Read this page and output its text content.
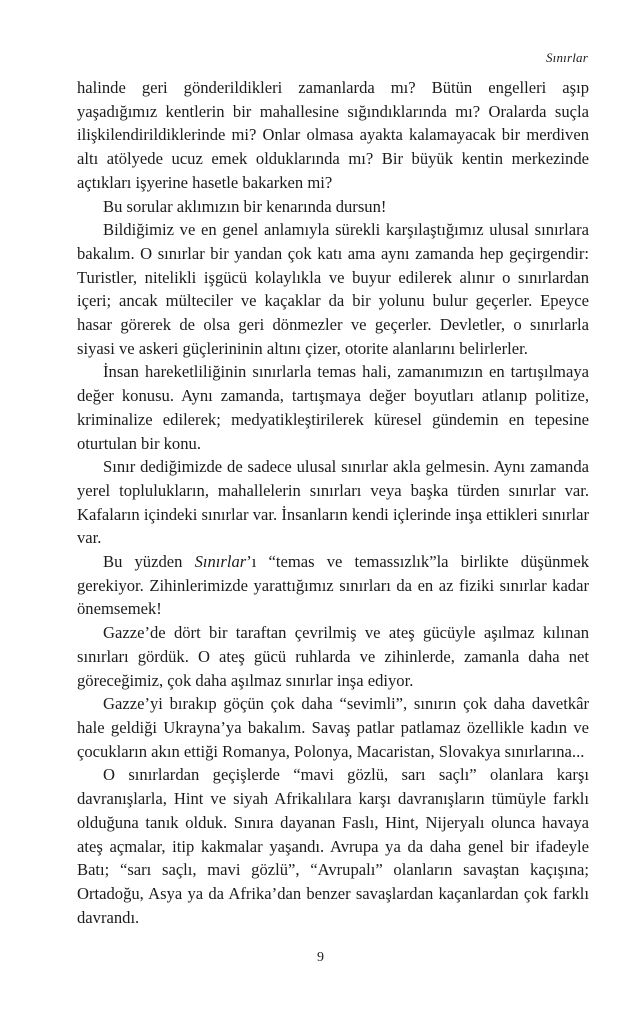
Sınırlar

halinde geri gönderildikleri zamanlarda mı? Bütün engelleri aşıp yaşadığımız kentlerin bir mahallesine sığındıklarında mı? Oralarda suçla ilişkilendirildiklerinde mi? Onlar olmasa ayakta kalamayacak bir merdiven altı atölyede ucuz emek olduklarında mı? Bir büyük kentin merkezinde açtıkları işyerine hasetle bakarken mi?

Bu sorular aklımızın bir kenarında dursun!

Bildiğimiz ve en genel anlamıyla sürekli karşılaştığımız ulusal sınırlara bakalım. O sınırlar bir yandan çok katı ama aynı zamanda hep geçirgendir: Turistler, nitelikli işgücü kolaylıkla ve buyur edilerek alınır o sınırlardan içeri; ancak mülteciler ve kaçaklar da bir yolunu bulur geçerler. Epeyce hasar görerek de olsa geri dönmezler ve geçerler. Devletler, o sınırlarla siyasi ve askeri güçlerininin altını çizer, otorite alanlarını belirlerler.

İnsan hareketliliğinin sınırlarla temas hali, zamanımızın en tartışılmaya değer konusu. Aynı zamanda, tartışmaya değer boyutları atlanıp politize, kriminalize edilerek; medyatikleştirilerek küresel gündemin en tepesine oturtulan bir konu.

Sınır dediğimizde de sadece ulusal sınırlar akla gelmesin. Aynı zamanda yerel toplulukların, mahallelerin sınırları veya başka türden sınırlar var. Kafaların içindeki sınırlar var. İnsanların kendi içlerinde inşa ettikleri sınırlar var.

Bu yüzden Sınırlar’ı “temas ve temassızlık”la birlikte düşünmek gerekiyor. Zihinlerimizde yarattığımız sınırları da en az fiziki sınırlar kadar önemsemek!

Gazze’de dört bir taraftan çevrilmiş ve ateş gücüyle aşılmaz kılınan sınırları gördük. O ateş gücü ruhlarda ve zihinlerde, zamanla daha net göreceğimiz, çok daha aşılmaz sınırlar inşa ediyor.

Gazze’yi bırakıp göçün çok daha “sevimli”, sınırın çok daha davetkâr hale geldiği Ukrayna’ya bakalım. Savaş patlar patlamaz özellikle kadın ve çocukların akın ettiği Romanya, Polonya, Macaristan, Slovakya sınırlarına...

O sınırlardan geçişlerde “mavi gözlü, sarı saçlı” olanlara karşı davranışlarla, Hint ve siyah Afrikalılara karşı davranışların tümüyle farklı olduğuna tanık olduk. Sınıra dayanan Faslı, Hint, Nijeryalı olunca havaya ateş açmalar, itip kakmalar yaşandı. Avrupa ya da daha genel bir ifadeyle Batı; “sarı saçlı, mavi gözlü”, “Avrupalı” olanların savaştan kaçışına; Ortadoğu, Asya ya da Afrika’dan benzer savaşlardan kaçanlardan çok farklı davrandı.

9
